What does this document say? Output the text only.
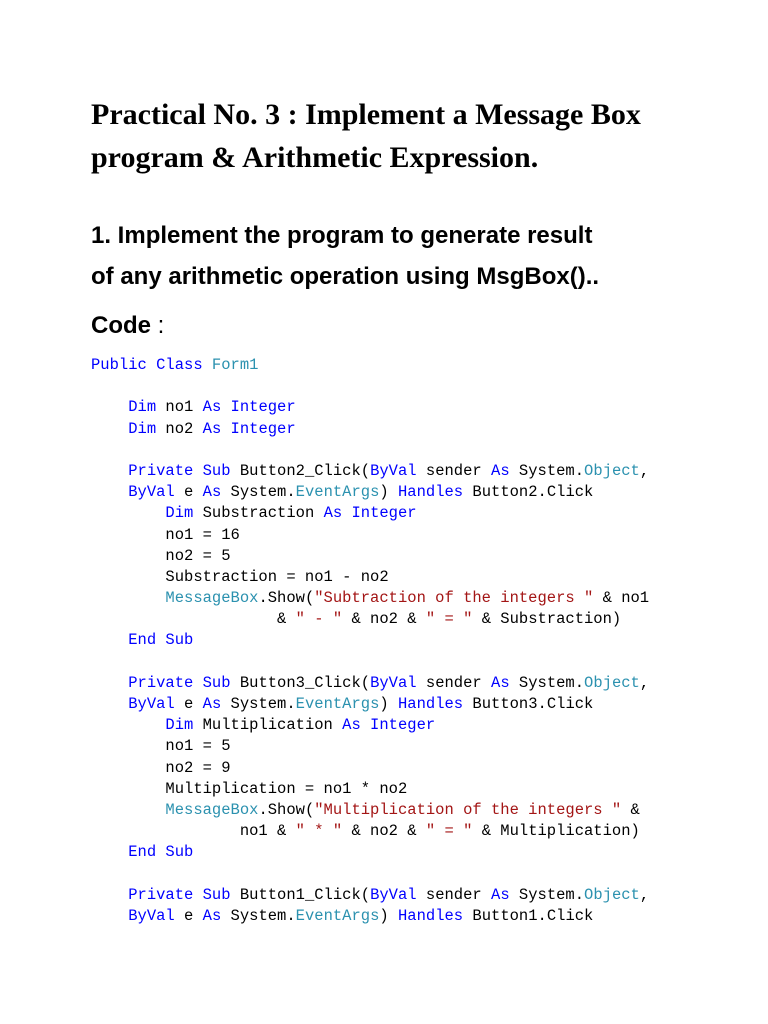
Practical No. 3 : Implement a Message Box
program & Arithmetic Expression.
1. Implement the program to generate result
of any arithmetic operation using MsgBox()..
Code :
Public Class Form1
Dim no1 As Integer
Dim no2 As Integer
Private Sub Button2_Click(ByVal sender As System.Object,
ByVal e As System.EventArgs) Handles Button2.Click
Dim Substraction As Integer
no1 = 16
no2 = 5
Substraction = no1 - no2
MessageBox.Show("Subtraction of the integers " & no1
& " - " & no2 & " = " & Substraction)
End Sub
Private Sub Button3_Click(ByVal sender As System.Object,
ByVal e As System.EventArgs) Handles Button3.Click
Dim Multiplication As Integer
no1 = 5
no2 = 9
Multiplication = no1 * no2
MessageBox.Show("Multiplication of the integers " &
no1 & " * " & no2 & " = " & Multiplication)
End Sub
Private Sub Button1_Click(ByVal sender As System.Object,
ByVal e As System.EventArgs) Handles Button1.Click
